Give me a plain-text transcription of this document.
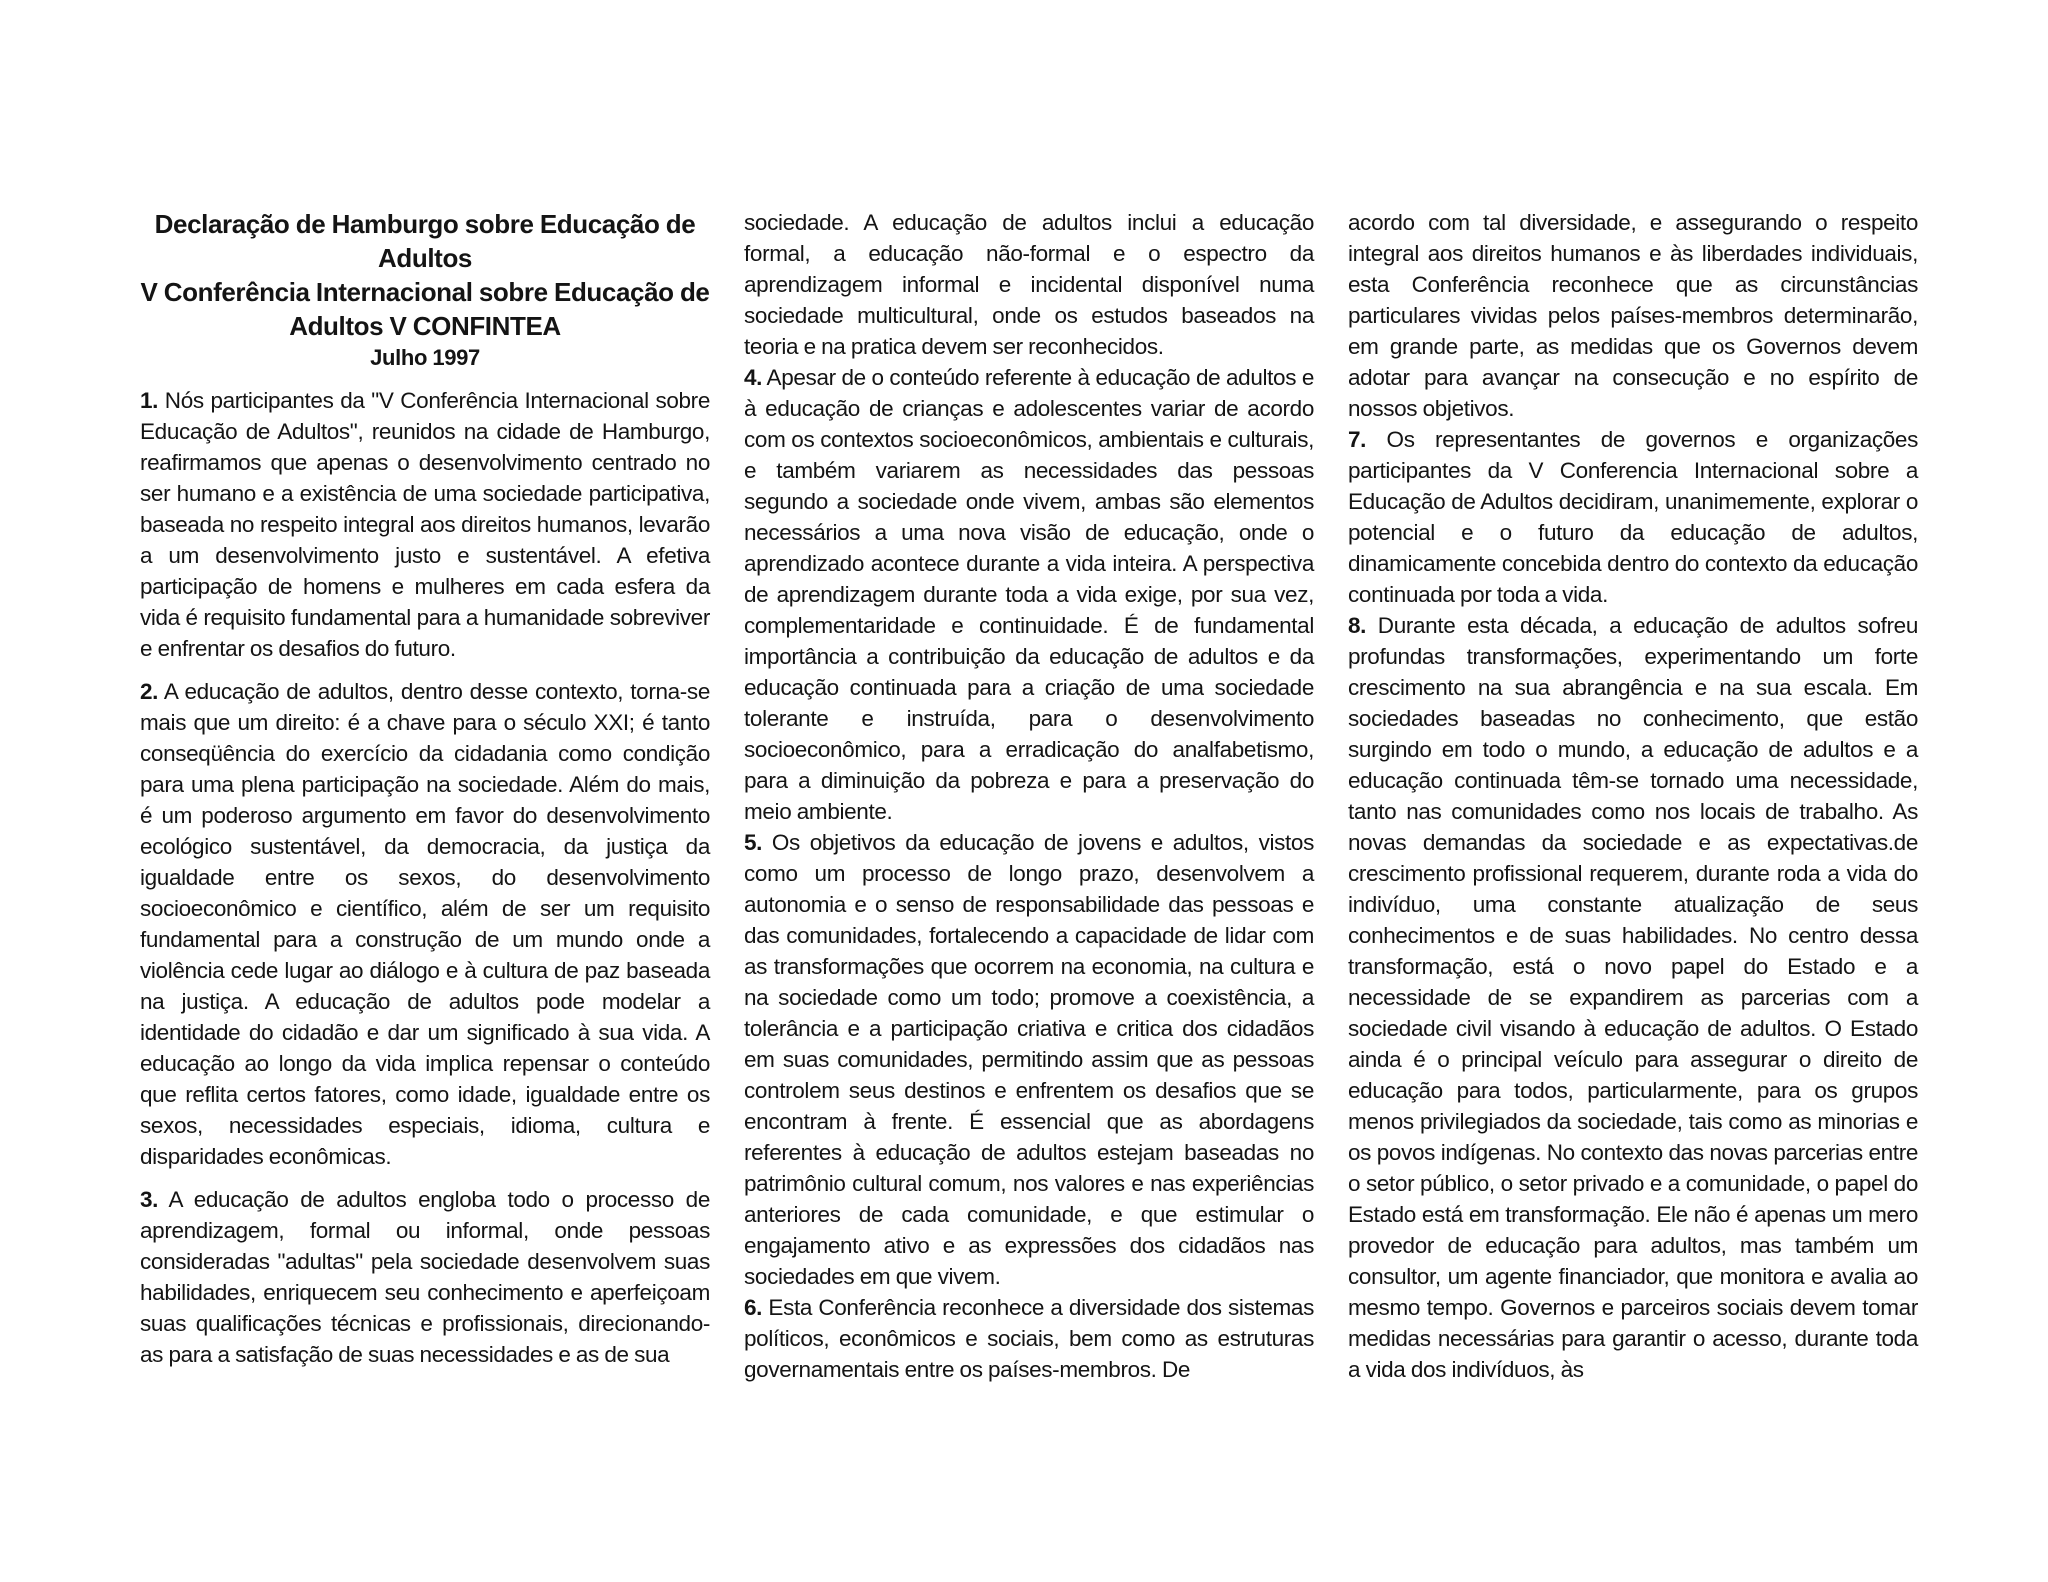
Declaração de Hamburgo sobre Educação de Adultos
V Conferência Internacional sobre Educação de Adultos V CONFINTEA
Julho 1997

1. Nós participantes da "V Conferência Internacional sobre Educação de Adultos", reunidos na cidade de Hamburgo, reafirmamos que apenas o desenvolvimento centrado no ser humano e a existência de uma sociedade participativa, baseada no respeito integral aos direitos humanos, levarão a um desenvolvimento justo e sustentável. A efetiva participação de homens e mulheres em cada esfera da vida é requisito fundamental para a humanidade sobreviver e enfrentar os desafios do futuro.

2. A educação de adultos, dentro desse contexto, torna-se mais que um direito: é a chave para o século XXI; é tanto conseqüência do exercício da cidadania como condição para uma plena participação na sociedade. Além do mais, é um poderoso argumento em favor do desenvolvimento ecológico sustentável, da democracia, da justiça da igualdade entre os sexos, do desenvolvimento socioeconômico e científico, além de ser um requisito fundamental para a construção de um mundo onde a violência cede lugar ao diálogo e à cultura de paz baseada na justiça. A educação de adultos pode modelar a identidade do cidadão e dar um significado à sua vida. A educação ao longo da vida implica repensar o conteúdo que reflita certos fatores, como idade, igualdade entre os sexos, necessidades especiais, idioma, cultura e disparidades econômicas.

3. A educação de adultos engloba todo o processo de aprendizagem, formal ou informal, onde pessoas consideradas "adultas" pela sociedade desenvolvem suas habilidades, enriquecem seu conhecimento e aperfeiçoam suas qualificações técnicas e profissionais, direcionando-as para a satisfação de suas necessidades e as de sua

sociedade. A educação de adultos inclui a educação formal, a educação não-formal e o espectro da aprendizagem informal e incidental disponível numa sociedade multicultural, onde os estudos baseados na teoria e na pratica devem ser reconhecidos.

4. Apesar de o conteúdo referente à educação de adultos e à educação de crianças e adolescentes variar de acordo com os contextos socioeconômicos, ambientais e culturais, e também variarem as necessidades das pessoas segundo a sociedade onde vivem, ambas são elementos necessários a uma nova visão de educação, onde o aprendizado acontece durante a vida inteira. A perspectiva de aprendizagem durante toda a vida exige, por sua vez, complementaridade e continuidade. É de fundamental importância a contribuição da educação de adultos e da educação continuada para a criação de uma sociedade tolerante e instruída, para o desenvolvimento socioeconômico, para a erradicação do analfabetismo, para a diminuição da pobreza e para a preservação do meio ambiente.

5. Os objetivos da educação de jovens e adultos, vistos como um processo de longo prazo, desenvolvem a autonomia e o senso de responsabilidade das pessoas e das comunidades, fortalecendo a capacidade de lidar com as transformações que ocorrem na economia, na cultura e na sociedade como um todo; promove a coexistência, a tolerância e a participação criativa e critica dos cidadãos em suas comunidades, permitindo assim que as pessoas controlem seus destinos e enfrentem os desafios que se encontram à frente. É essencial que as abordagens referentes à educação de adultos estejam baseadas no patrimônio cultural comum, nos valores e nas experiências anteriores de cada comunidade, e que estimular o engajamento ativo e as expressões dos cidadãos nas sociedades em que vivem.

6. Esta Conferência reconhece a diversidade dos sistemas políticos, econômicos e sociais, bem como as estruturas governamentais entre os países-membros. De

acordo com tal diversidade, e assegurando o respeito integral aos direitos humanos e às liberdades individuais, esta Conferência reconhece que as circunstâncias particulares vividas pelos países-membros determinarão, em grande parte, as medidas que os Governos devem adotar para avançar na consecução e no espírito de nossos objetivos.

7. Os representantes de governos e organizações participantes da V Conferencia Internacional sobre a Educação de Adultos decidiram, unanimemente, explorar o potencial e o futuro da educação de adultos, dinamicamente concebida dentro do contexto da educação continuada por toda a vida.

8. Durante esta década, a educação de adultos sofreu profundas transformações, experimentando um forte crescimento na sua abrangência e na sua escala. Em sociedades baseadas no conhecimento, que estão surgindo em todo o mundo, a educação de adultos e a educação continuada têm-se tornado uma necessidade, tanto nas comunidades como nos locais de trabalho. As novas demandas da sociedade e as expectativas.de crescimento profissional requerem, durante roda a vida do indivíduo, uma constante atualização de seus conhecimentos e de suas habilidades. No centro dessa transformação, está o novo papel do Estado e a necessidade de se expandirem as parcerias com a sociedade civil visando à educação de adultos. O Estado ainda é o principal veículo para assegurar o direito de educação para todos, particularmente, para os grupos menos privilegiados da sociedade, tais como as minorias e os povos indígenas. No contexto das novas parcerias entre o setor público, o setor privado e a comunidade, o papel do Estado está em transformação. Ele não é apenas um mero provedor de educação para adultos, mas também um consultor, um agente financiador, que monitora e avalia ao mesmo tempo. Governos e parceiros sociais devem tomar medidas necessárias para garantir o acesso, durante toda a vida dos indivíduos, às
